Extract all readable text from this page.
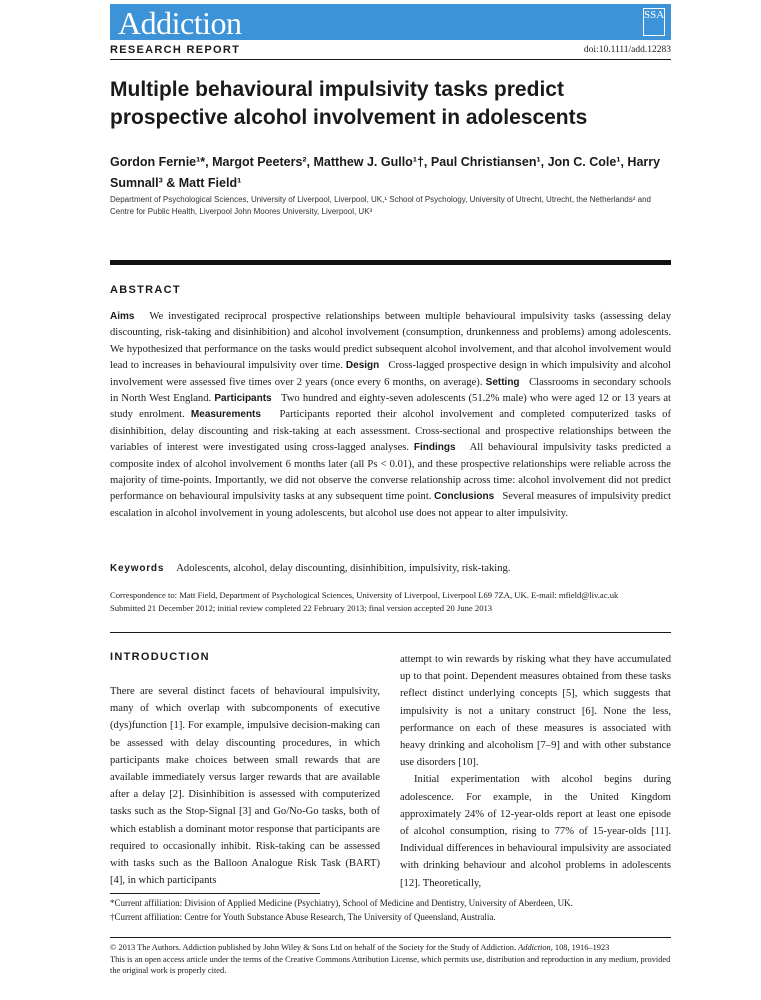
Addiction	SSA
RESEARCH REPORT	doi:10.1111/add.12283
Multiple behavioural impulsivity tasks predict prospective alcohol involvement in adolescents
Gordon Fernie¹*, Margot Peeters², Matthew J. Gullo¹†, Paul Christiansen¹, Jon C. Cole¹, Harry Sumnall³ & Matt Field¹
Department of Psychological Sciences, University of Liverpool, Liverpool, UK,¹ School of Psychology, University of Utrecht, Utrecht, the Netherlands² and Centre for Public Health, Liverpool John Moores University, Liverpool, UK³
ABSTRACT
Aims We investigated reciprocal prospective relationships between multiple behavioural impulsivity tasks (assessing delay discounting, risk-taking and disinhibition) and alcohol involvement (consumption, drunkenness and problems) among adolescents. We hypothesized that performance on the tasks would predict subsequent alcohol involvement, and that alcohol involvement would lead to increases in behavioural impulsivity over time. Design Cross-lagged prospective design in which impulsivity and alcohol involvement were assessed five times over 2 years (once every 6 months, on average). Setting Classrooms in secondary schools in North West England. Participants Two hundred and eighty-seven adolescents (51.2% male) who were aged 12 or 13 years at study enrolment. Measurements Participants reported their alcohol involvement and completed computerized tasks of disinhibition, delay discounting and risk-taking at each assessment. Cross-sectional and prospective relationships between the variables of interest were investigated using cross-lagged analyses. Findings All behavioural impulsivity tasks predicted a composite index of alcohol involvement 6 months later (all Ps < 0.01), and these prospective relationships were reliable across the majority of time-points. Importantly, we did not observe the converse relationship across time: alcohol involvement did not predict performance on behavioural impulsivity tasks at any subsequent time point. Conclusions Several measures of impulsivity predict escalation in alcohol involvement in young adolescents, but alcohol use does not appear to alter impulsivity.
Keywords Adolescents, alcohol, delay discounting, disinhibition, impulsivity, risk-taking.
Correspondence to: Matt Field, Department of Psychological Sciences, University of Liverpool, Liverpool L69 7ZA, UK. E-mail: mfield@liv.ac.uk
Submitted 21 December 2012; initial review completed 22 February 2013; final version accepted 20 June 2013
INTRODUCTION

There are several distinct facets of behavioural impulsivity, many of which overlap with subcomponents of executive (dys)function [1]. For example, impulsive decision-making can be assessed with delay discounting procedures, in which participants make choices between small rewards that are available immediately versus larger rewards that are available after a delay [2]. Disinhibition is assessed with computerized tasks such as the Stop-Signal [3] and Go/No-Go tasks, both of which establish a dominant motor response that participants are required to occasionally inhibit. Risk-taking can be assessed with tasks such as the Balloon Analogue Risk Task (BART) [4], in which participants

attempt to win rewards by risking what they have accumulated up to that point. Dependent measures obtained from these tasks reflect distinct underlying concepts [5], which suggests that impulsivity is not a unitary construct [6]. None the less, performance on each of these measures is associated with heavy drinking and alcoholism [7–9] and with other substance use disorders [10].

Initial experimentation with alcohol begins during adolescence. For example, in the United Kingdom approximately 24% of 12-year-olds report at least one episode of alcohol consumption, rising to 77% of 15-year-olds [11]. Individual differences in behavioural impulsivity are associated with drinking behaviour and alcohol problems in adolescents [12]. Theoretically,

*Current affiliation: Division of Applied Medicine (Psychiatry), School of Medicine and Dentistry, University of Aberdeen, UK.
†Current affiliation: Centre for Youth Substance Abuse Research, The University of Queensland, Australia.
© 2013 The Authors. Addiction published by John Wiley & Sons Ltd on behalf of the Society for the Study of Addiction. Addiction, 108, 1916–1923
This is an open access article under the terms of the Creative Commons Attribution License, which permits use, distribution and reproduction in any medium, provided the original work is properly cited.
